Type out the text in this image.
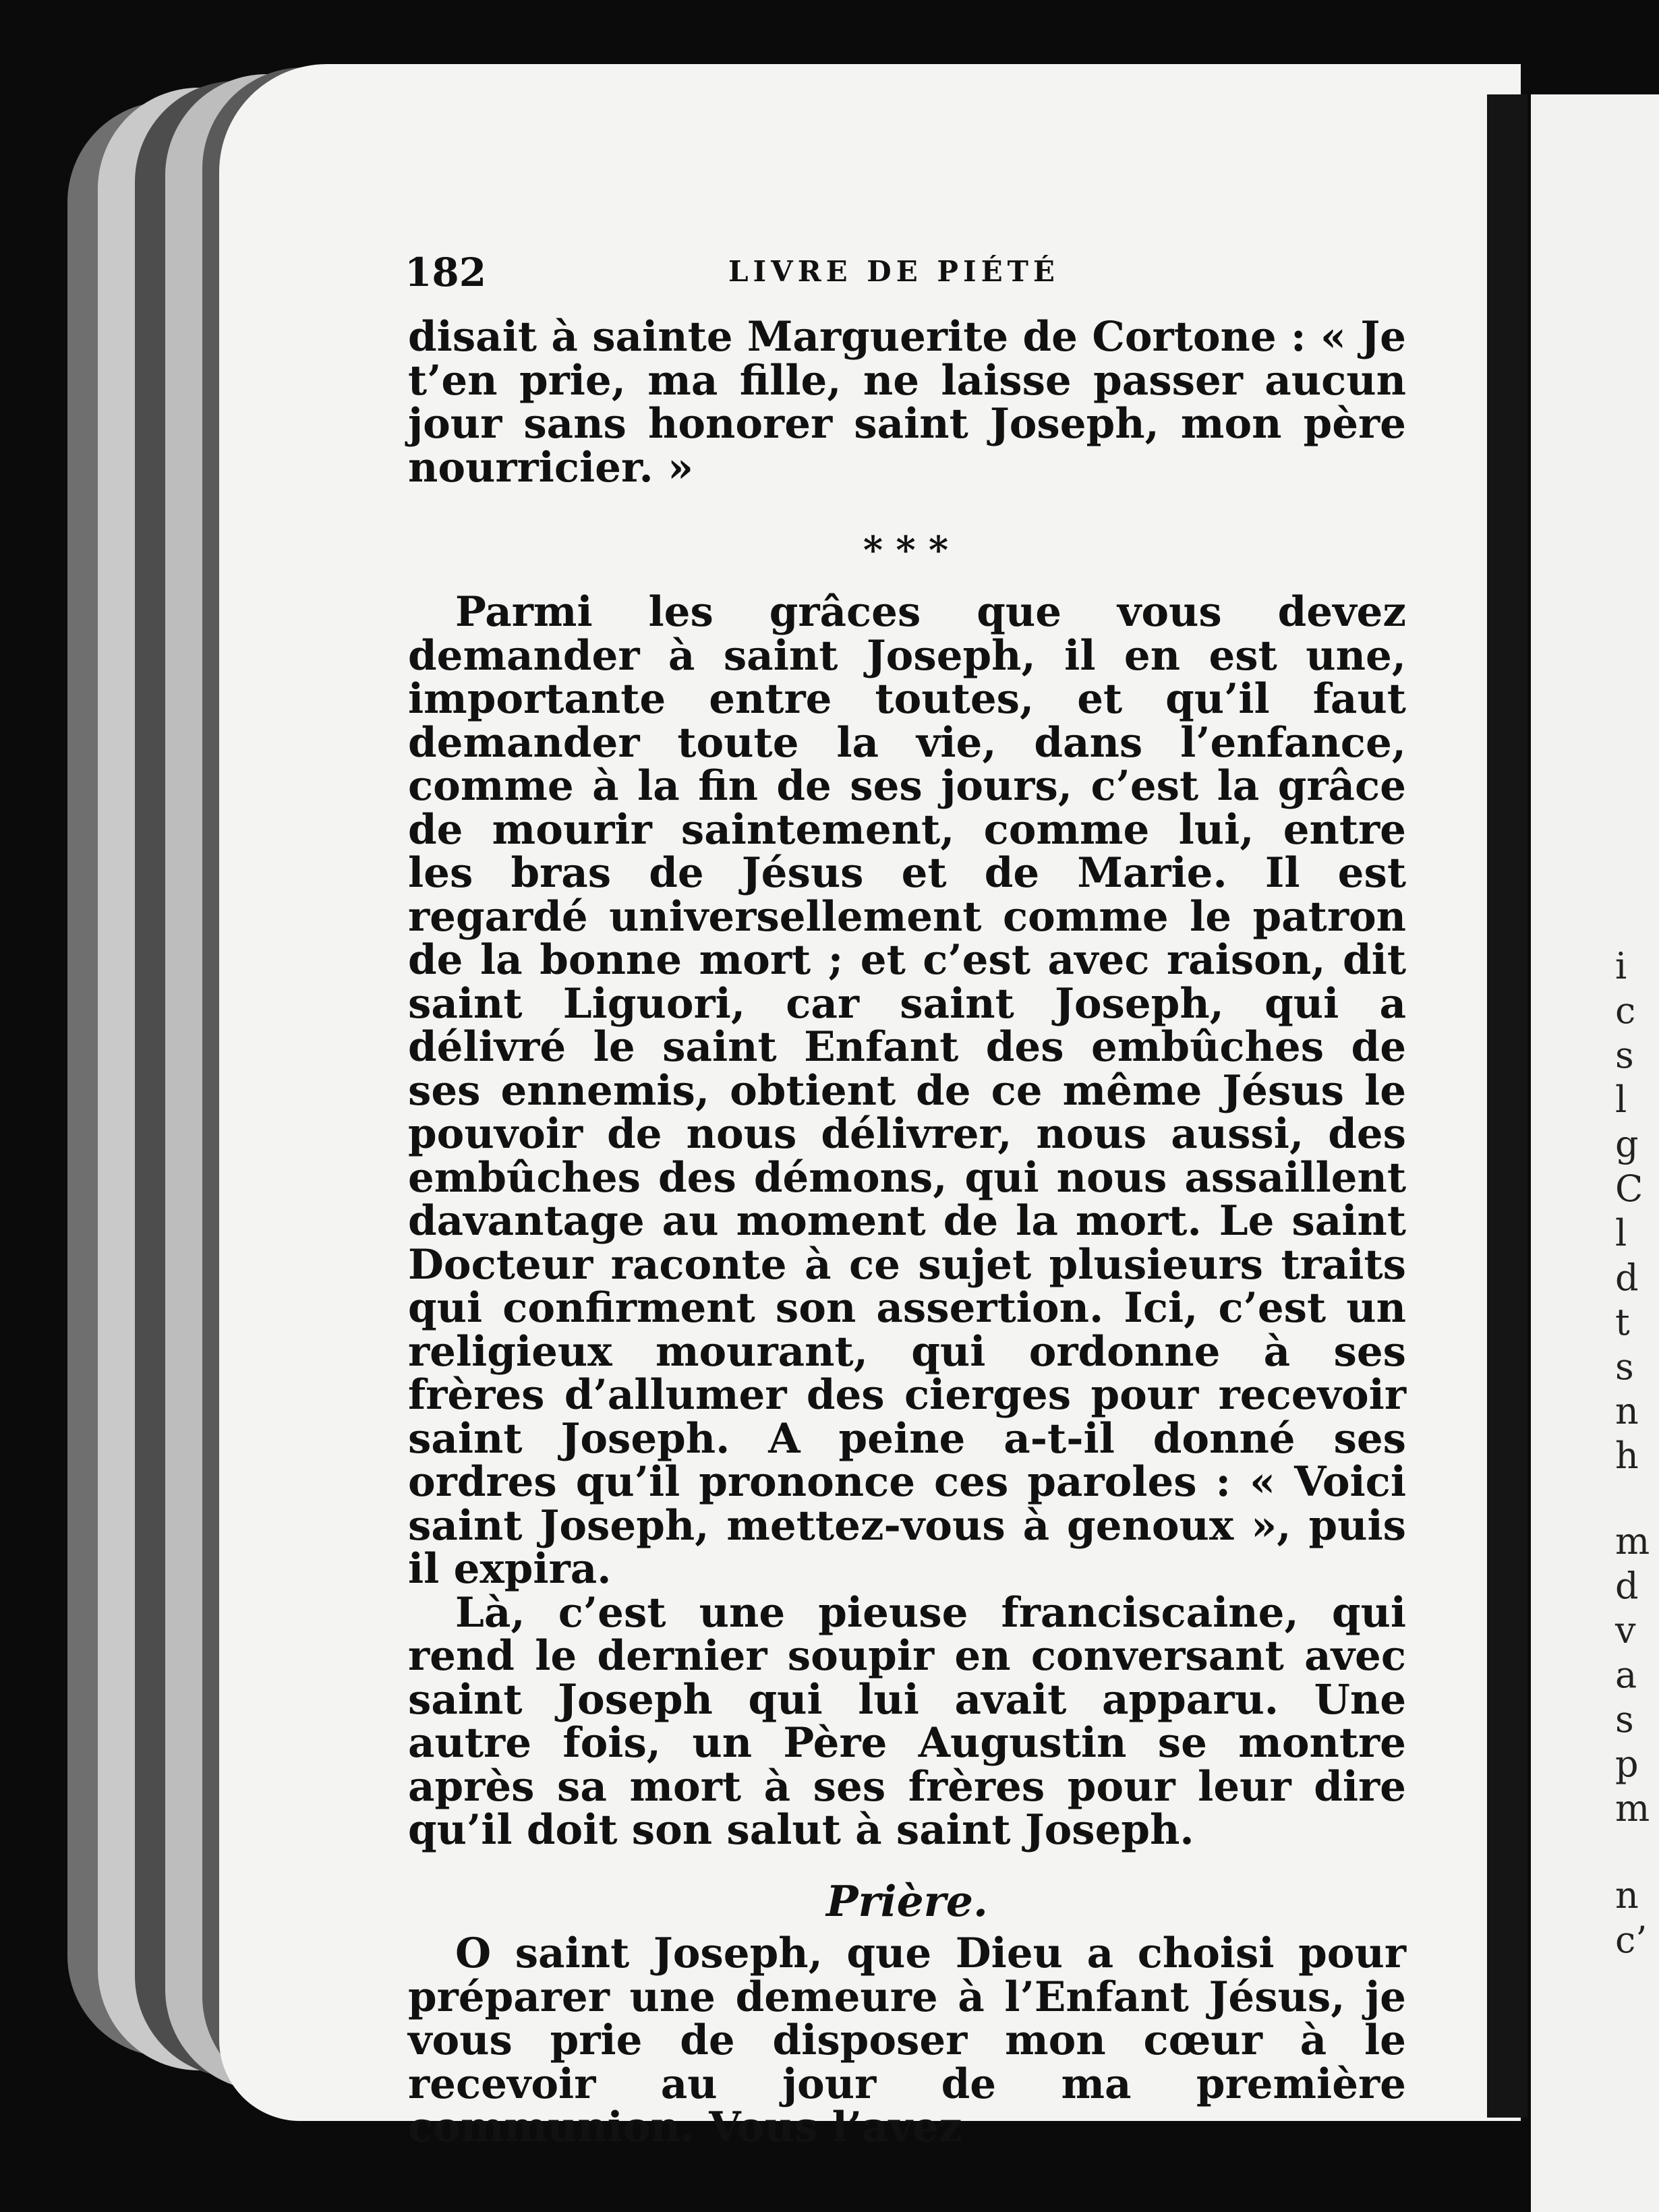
i
c
s
l
g
C
l
d
t
s
n
h
m
d
v
a
s
p
m
n
c’
182	LIVRE DE PIÉTÉ

disait à sainte Marguerite de Cortone : « Je t’en prie, ma fille, ne laisse passer aucun jour sans honorer saint Joseph, mon père nourricier. »

* * *

Parmi les grâces que vous devez demander à saint Joseph, il en est une, importante entre toutes, et qu’il faut demander toute la vie, dans l’enfance, comme à la fin de ses jours, c’est la grâce de mourir saintement, comme lui, entre les bras de Jésus et de Marie. Il est regardé universellement comme le patron de la bonne mort ; et c’est avec raison, dit saint Liguori, car saint Joseph, qui a délivré le saint Enfant des embûches de ses ennemis, obtient de ce même Jésus le pouvoir de nous délivrer, nous aussi, des embûches des démons, qui nous assaillent davantage au moment de la mort. Le saint Docteur raconte à ce sujet plusieurs traits qui confirment son assertion. Ici, c’est un religieux mourant, qui ordonne à ses frères d’allumer des cierges pour recevoir saint Joseph. A peine a-t-il donné ses ordres qu’il prononce ces paroles : « Voici saint Joseph, mettez-vous à genoux », puis il expira.

Là, c’est une pieuse franciscaine, qui rend le dernier soupir en conversant avec saint Joseph qui lui avait apparu. Une autre fois, un Père Augustin se montre après sa mort à ses frères pour leur dire qu’il doit son salut à saint Joseph.

Prière.

O saint Joseph, que Dieu a choisi pour préparer une demeure à l’Enfant Jésus, je vous prie de disposer mon cœur à le recevoir au jour de ma première communion. Vous l’avez
